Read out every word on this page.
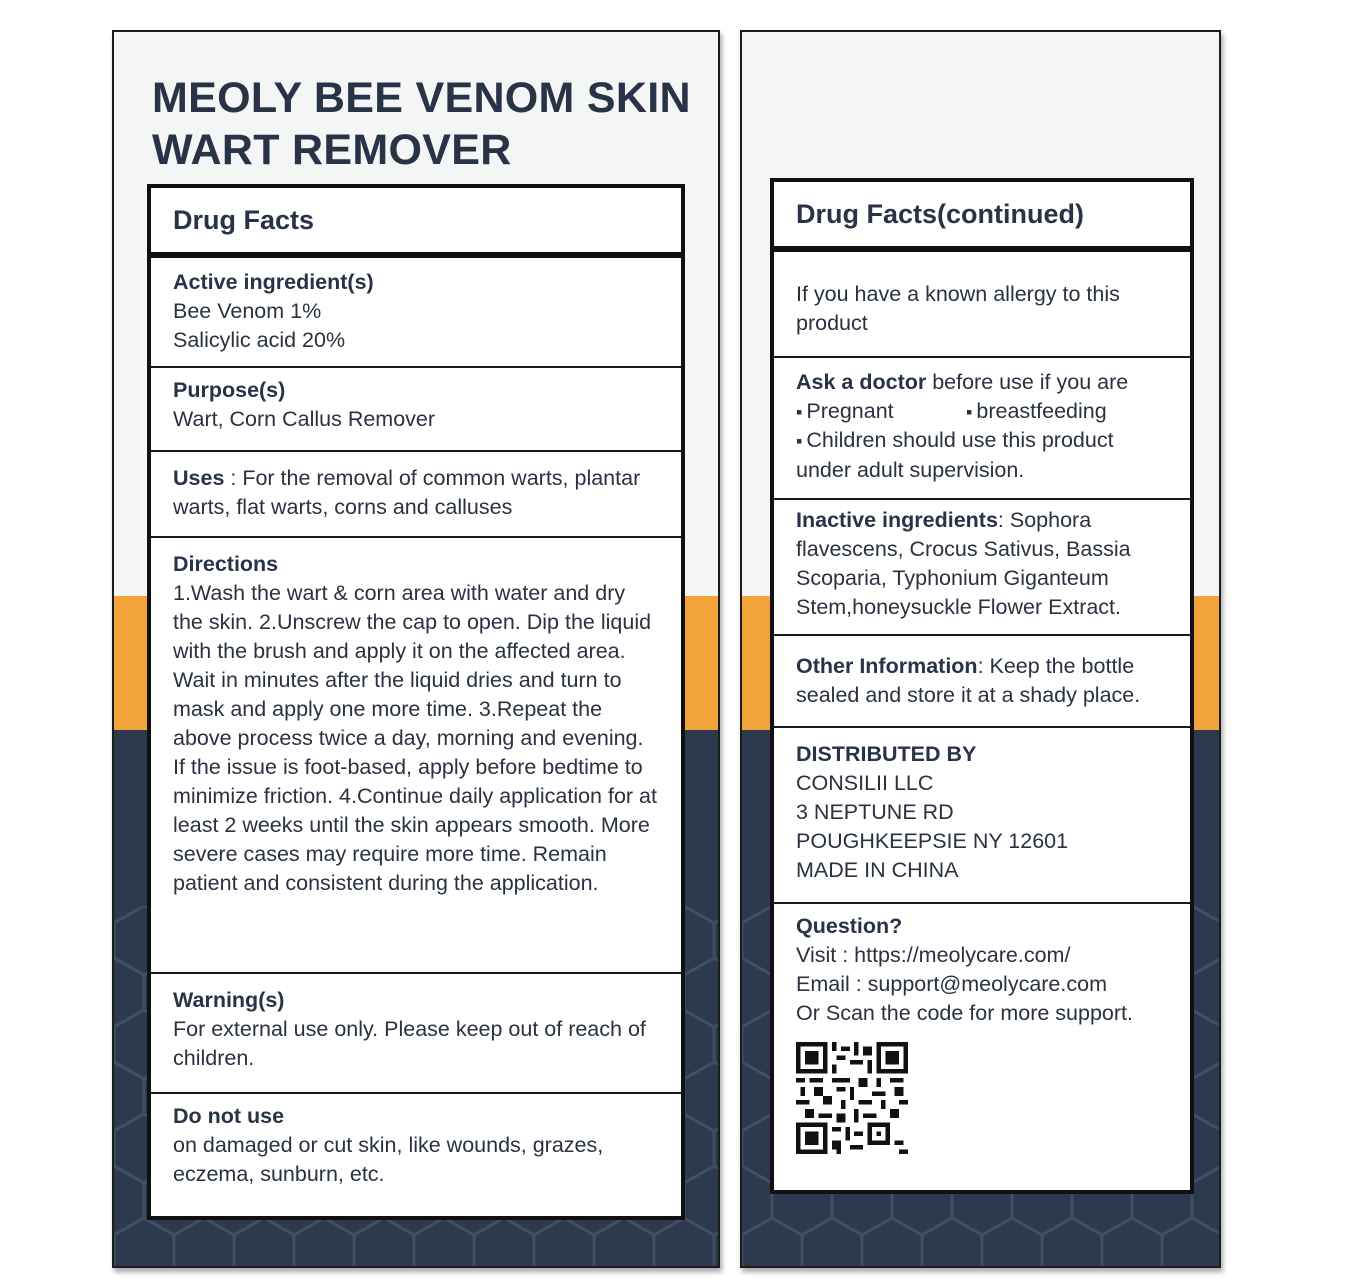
MEOLY BEE VENOM SKIN
WART REMOVER
Drug Facts
Active ingredient(s)
Bee Venom 1%
Salicylic acid 20%
Purpose(s)
Wart, Corn Callus Remover
Uses : For the removal of common warts, plantar warts, flat warts, corns and calluses
Directions
1.Wash the wart & corn area with water and dry the skin. 2.Unscrew the cap to open. Dip the liquid with the brush and apply it on the affected area. Wait in minutes after the liquid dries and turn to mask and apply one more time. 3.Repeat the above process twice a day, morning and evening. If the issue is foot-based, apply before bedtime to minimize friction. 4.Continue daily application for at least 2 weeks until the skin appears smooth. More severe cases may require more time. Remain patient and consistent during the application.
Warning(s)
For external use only. Please keep out of reach of children.
Do not use
on damaged or cut skin, like wounds, grazes, eczema, sunburn, etc.
Drug Facts(continued)
If you have a known allergy to this product
Ask a doctor before use if you are
▪ Pregnant	▪ breastfeeding
▪ Children should use this product under adult supervision.
Inactive ingredients: Sophora flavescens, Crocus Sativus, Bassia Scoparia, Typhonium Giganteum Stem,honeysuckle Flower Extract.
Other Information: Keep the bottle sealed and store it at a shady place.
DISTRIBUTED BY
CONSILII LLC
3 NEPTUNE RD
POUGHKEEPSIE NY 12601
MADE IN CHINA
Question?
Visit : https://meolycare.com/
Email : support@meolycare.com
Or Scan the code for more support.
